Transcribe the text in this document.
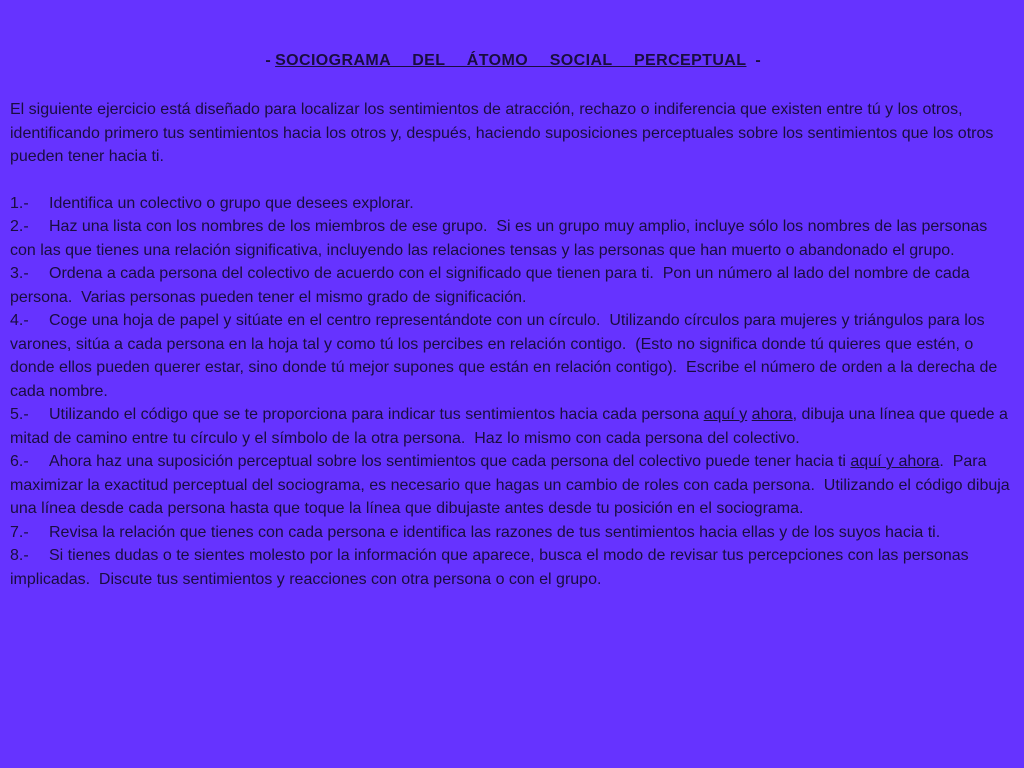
- SOCIOGRAMA  DEL  ÁTOMO  SOCIAL  PERCEPTUAL  -

El siguiente ejercicio está diseñado para localizar los sentimientos de atracción, rechazo o indiferencia que existen entre tú y los otros, identificando primero tus sentimientos hacia los otros y, después, haciendo suposiciones perceptuales sobre los sentimientos que los otros pueden tener hacia ti.

1.- Identifica un colectivo o grupo que desees explorar.

2.- Haz una lista con los nombres de los miembros de ese grupo.  Si es un grupo muy amplio, incluye sólo los nombres de las personas con las que tienes una relación significativa, incluyendo las relaciones tensas y las personas que han muerto o abandonado el grupo.

3.- Ordena a cada persona del colectivo de acuerdo con el significado que tienen para ti.  Pon un número al lado del nombre de cada persona.  Varias personas pueden tener el mismo grado de significación.

4.- Coge una hoja de papel y sitúate en el centro representándote con un círculo.  Utilizando círculos para mujeres y triángulos para los varones, sitúa a cada persona en la hoja tal y como tú los percibes en relación contigo.  (Esto no significa donde tú quieres que estén, o donde ellos pueden querer estar, sino donde tú mejor supones que están en relación contigo).  Escribe el número de orden a la derecha de cada nombre.

5.- Utilizando el código que se te proporciona para indicar tus sentimientos hacia cada persona aquí y ahora, dibuja una línea que quede a mitad de camino entre tu círculo y el símbolo de la otra persona.  Haz lo mismo con cada persona del colectivo.

6.- Ahora haz una suposición perceptual sobre los sentimientos que cada persona del colectivo puede tener hacia ti aquí y ahora.  Para maximizar la exactitud perceptual del sociograma, es necesario que hagas un cambio de roles con cada persona.  Utilizando el código dibuja una línea desde cada persona hasta que toque la línea que dibujaste antes desde tu posición en el sociograma.

7.- Revisa la relación que tienes con cada persona e identifica las razones de tus sentimientos hacia ellas y de los suyos hacia ti.

8.- Si tienes dudas o te sientes molesto por la información que aparece, busca el modo de revisar tus percepciones con las personas implicadas.  Discute tus sentimientos y reacciones con otra persona o con el grupo.
